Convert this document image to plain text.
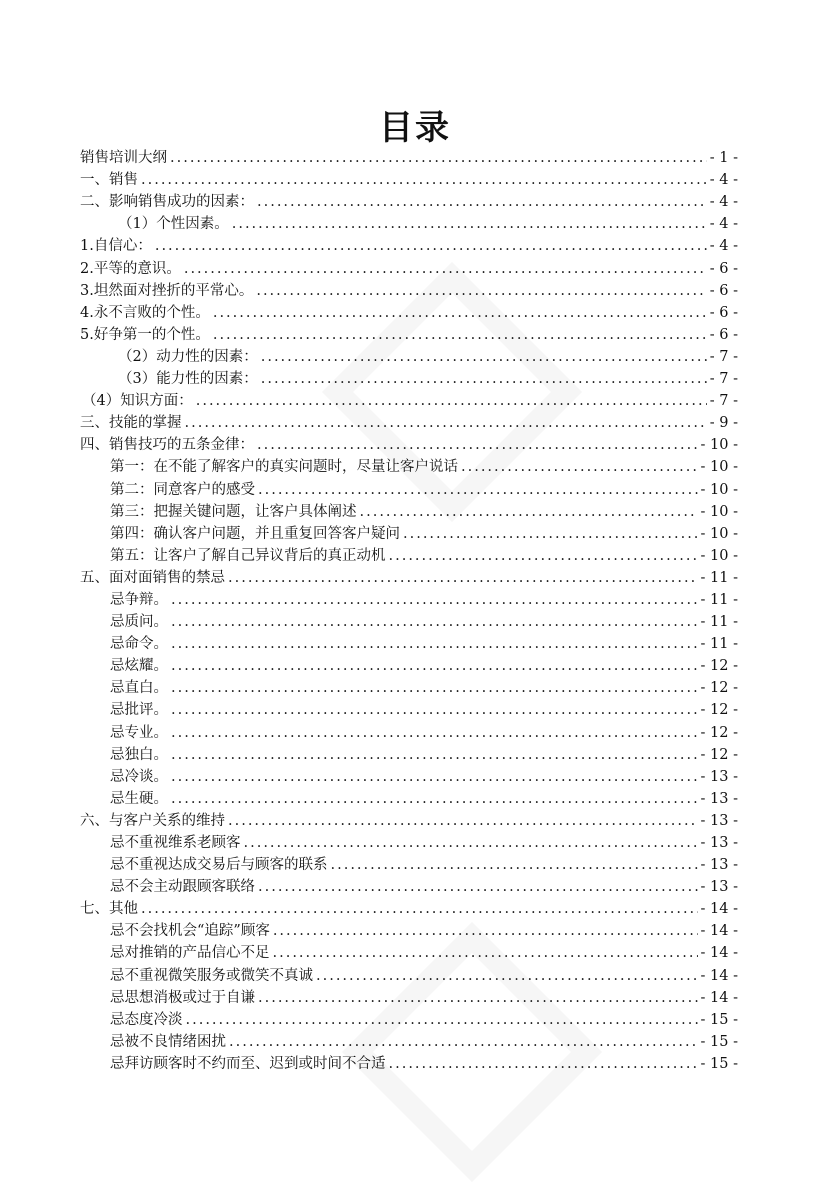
目录
销售培训大纲 .....	- 1 -
一、销售 .....	- 4 -
二、影响销售成功的因素： .....	- 4 -
（1）个性因素。 .....	- 4 -
1.自信心： .....	- 4 -
2.平等的意识。 .....	- 6 -
3.坦然面对挫折的平常心。 .....	- 6 -
4.永不言败的个性。 .....	- 6 -
5.好争第一的个性。 .....	- 6 -
（2）动力性的因素： .....	- 7 -
（3）能力性的因素： .....	- 7 -
（4）知识方面： .....	- 7 -
三、技能的掌握 .....	- 9 -
四、销售技巧的五条金律： .....	- 10 -
第一：在不能了解客户的真实问题时，尽量让客户说话 .....	- 10 -
第二：同意客户的感受 .....	- 10 -
第三：把握关键问题，让客户具体阐述 .....	- 10 -
第四：确认客户问题，并且重复回答客户疑问 .....	- 10 -
第五：让客户了解自己异议背后的真正动机 .....	- 10 -
五、面对面销售的禁忌 .....	- 11 -
忌争辩。 .....	- 11 -
忌质问。 .....	- 11 -
忌命令。 .....	- 11 -
忌炫耀。 .....	- 12 -
忌直白。 .....	- 12 -
忌批评。 .....	- 12 -
忌专业。 .....	- 12 -
忌独白。 .....	- 12 -
忌冷谈。 .....	- 13 -
忌生硬。 .....	- 13 -
六、与客户关系的维持 .....	- 13 -
忌不重视维系老顾客 .....	- 13 -
忌不重视达成交易后与顾客的联系 .....	- 13 -
忌不会主动跟顾客联络 .....	- 13 -
七、其他 .....	- 14 -
忌不会找机会“追踪”顾客 .....	- 14 -
忌对推销的产品信心不足 .....	- 14 -
忌不重视微笑服务或微笑不真诚 .....	- 14 -
忌思想消极或过于自谦 .....	- 14 -
忌态度冷淡 .....	- 15 -
忌被不良情绪困扰 .....	- 15 -
忌拜访顾客时不约而至、迟到或时间不合适 .....	- 15 -
